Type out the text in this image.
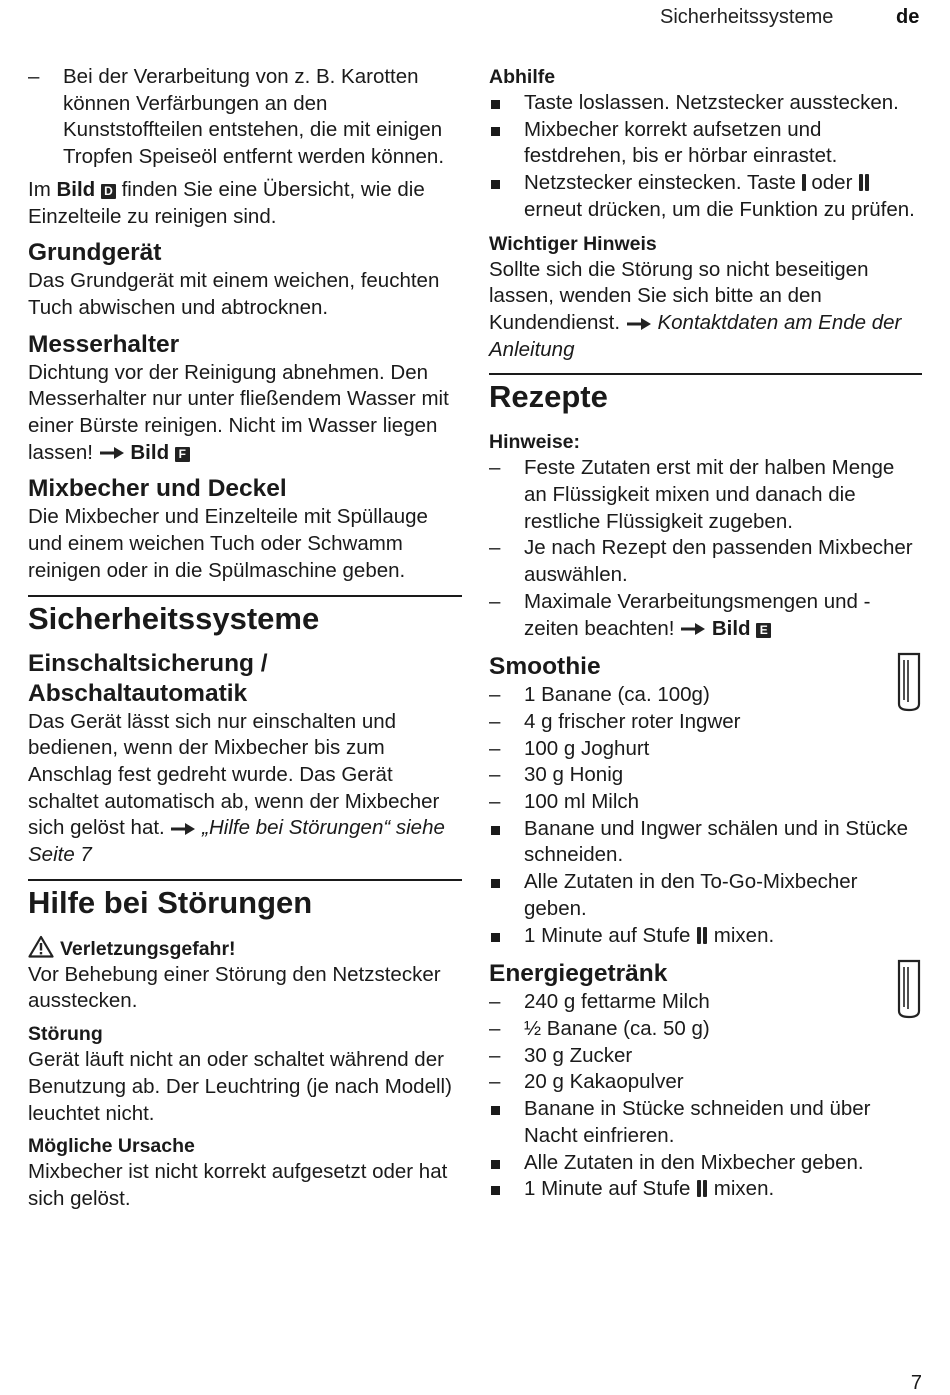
Sicherheitssysteme	de
– Bei der Verarbeitung von z. B. Karotten können Verfärbungen an den Kunststoffteilen entstehen, die mit einigen Tropfen Speiseöl entfernt werden können.

Im Bild D finden Sie eine Übersicht, wie die Einzelteile zu reinigen sind.

Grundgerät

Das Grundgerät mit einem weichen, feuchten Tuch abwischen und abtrocknen.

Messerhalter

Dichtung vor der Reinigung abnehmen. Den Messerhalter nur unter fließendem Wasser mit einer Bürste reinigen. Nicht im Wasser liegen lassen! Bild F

Mixbecher und Deckel

Die Mixbecher und Einzelteile mit Spüllauge und einem weichen Tuch oder Schwamm reinigen oder in die Spülmaschine geben.

Sicherheitssysteme
Einschaltsicherung /
Abschaltautomatik

Das Gerät lässt sich nur einschalten und bedienen, wenn der Mixbecher bis zum Anschlag fest gedreht wurde. Das Gerät schaltet automatisch ab, wenn der Mixbecher sich gelöst hat. „Hilfe bei Störungen“ siehe Seite 7

Hilfe bei Störungen
Verletzungsgefahr!

Vor Behebung einer Störung den Netzstecker ausstecken.

Störung

Gerät läuft nicht an oder schaltet während der Benutzung ab. Der Leuchtring (je nach Modell) leuchtet nicht.

Mögliche Ursache

Mixbecher ist nicht korrekt aufgesetzt oder hat sich gelöst.

Abhilfe
Taste loslassen. Netzstecker ausstecken.
Mixbecher korrekt aufsetzen und festdrehen, bis er hörbar einrastet.
Netzstecker einstecken. Taste oder  erneut drücken, um die Funktion zu prüfen.
Wichtiger Hinweis

Sollte sich die Störung so nicht beseitigen lassen, wenden Sie sich bitte an den Kundendienst. Kontaktdaten am Ende der Anleitung

Rezepte
Hinweise:
– Feste Zutaten erst mit der halben Menge an Flüssigkeit mixen und danach die restliche Flüssigkeit zugeben.
– Je nach Rezept den passenden Mixbecher auswählen.
– Maximale Verarbeitungsmengen und -zeiten beachten! Bild E
Smoothie
– 1 Banane (ca. 100g)
– 4 g frischer roter Ingwer
– 100 g Joghurt
– 30 g Honig
– 100 ml Milch
Banane und Ingwer schälen und in Stücke schneiden.
Alle Zutaten in den To-Go-Mixbecher geben.
1 Minute auf Stufe mixen.
Energiegetränk
– 240 g fettarme Milch
– ½ Banane (ca. 50 g)
– 30 g Zucker
– 20 g Kakaopulver
Banane in Stücke schneiden und über Nacht einfrieren.
Alle Zutaten in den Mixbecher geben.
1 Minute auf Stufe mixen.
7
